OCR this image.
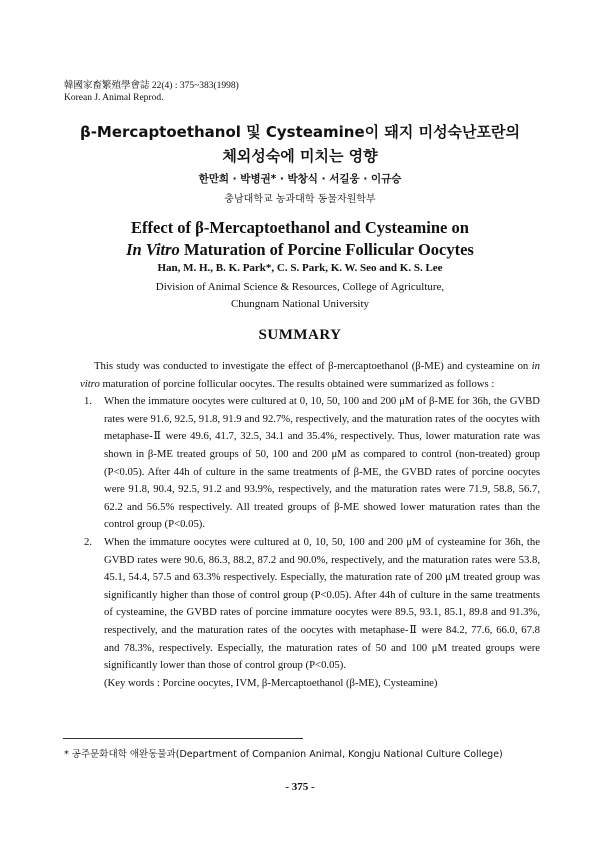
韓國家畜繁殖學會誌 22(4) : 375~383(1998)
Korean J. Animal Reprod.
β-Mercaptoethanol 및 Cysteamine이 돼지 미성숙난포란의
체외성숙에 미치는 영향
한만희 · 박병권* · 박창식 · 서길웅 · 이규승
충남대학교 농과대학 동물자원학부
Effect of β-Mercaptoethanol and Cysteamine on
In Vitro Maturation of Porcine Follicular Oocytes
Han, M. H., B. K. Park*, C. S. Park, K. W. Seo and K. S. Lee
Division of Animal Science & Resources, College of Agriculture,
Chungnam National University
SUMMARY

This study was conducted to investigate the effect of β-mercaptoethanol (β-ME) and cysteamine on in vitro maturation of porcine follicular oocytes. The results obtained were summarized as follows :

1. When the immature oocytes were cultured at 0, 10, 50, 100 and 200 μM of β-ME for 36h, the GVBD rates were 91.6, 92.5, 91.8, 91.9 and 92.7%, respectively, and the maturation rates of the oocytes with metaphase-Ⅱ were 49.6, 41.7, 32.5, 34.1 and 35.4%, respectively. Thus, lower maturation rate was shown in β-ME treated groups of 50, 100 and 200 μM as compared to control (non-treated) group (P<0.05). After 44h of culture in the same treatments of β-ME, the GVBD rates of porcine oocytes were 91.8, 90.4, 92.5, 91.2 and 93.9%, respectively, and the maturation rates were 71.9, 58.8, 56.7, 62.2 and 56.5% respectively. All treated groups of β-ME showed lower maturation rates than the control group (P<0.05).

2. When the immature oocytes were cultured at 0, 10, 50, 100 and 200 μM of cysteamine for 36h, the GVBD rates were 90.6, 86.3, 88.2, 87.2 and 90.0%, respectively, and the maturation rates were 53.8, 45.1, 54.4, 57.5 and 63.3% respectively. Especially, the maturation rate of 200 μM treated group was significantly higher than those of control group (P<0.05). After 44h of culture in the same treatments of cysteamine, the GVBD rates of porcine immature oocytes were 89.5, 93.1, 85.1, 89.8 and 91.3%, respectively, and the maturation rates of the oocytes with metaphase-Ⅱ were 84.2, 77.6, 66.0, 67.8 and 78.3%, respectively. Especially, the maturation rates of 50 and 100 μM treated groups were significantly lower than those of control group (P<0.05).

(Key words : Porcine oocytes, IVM, β-Mercaptoethanol (β-ME), Cysteamine)

* 공주문화대학 애완동물과(Department of Companion Animal, Kongju National Culture College)
- 375 -
